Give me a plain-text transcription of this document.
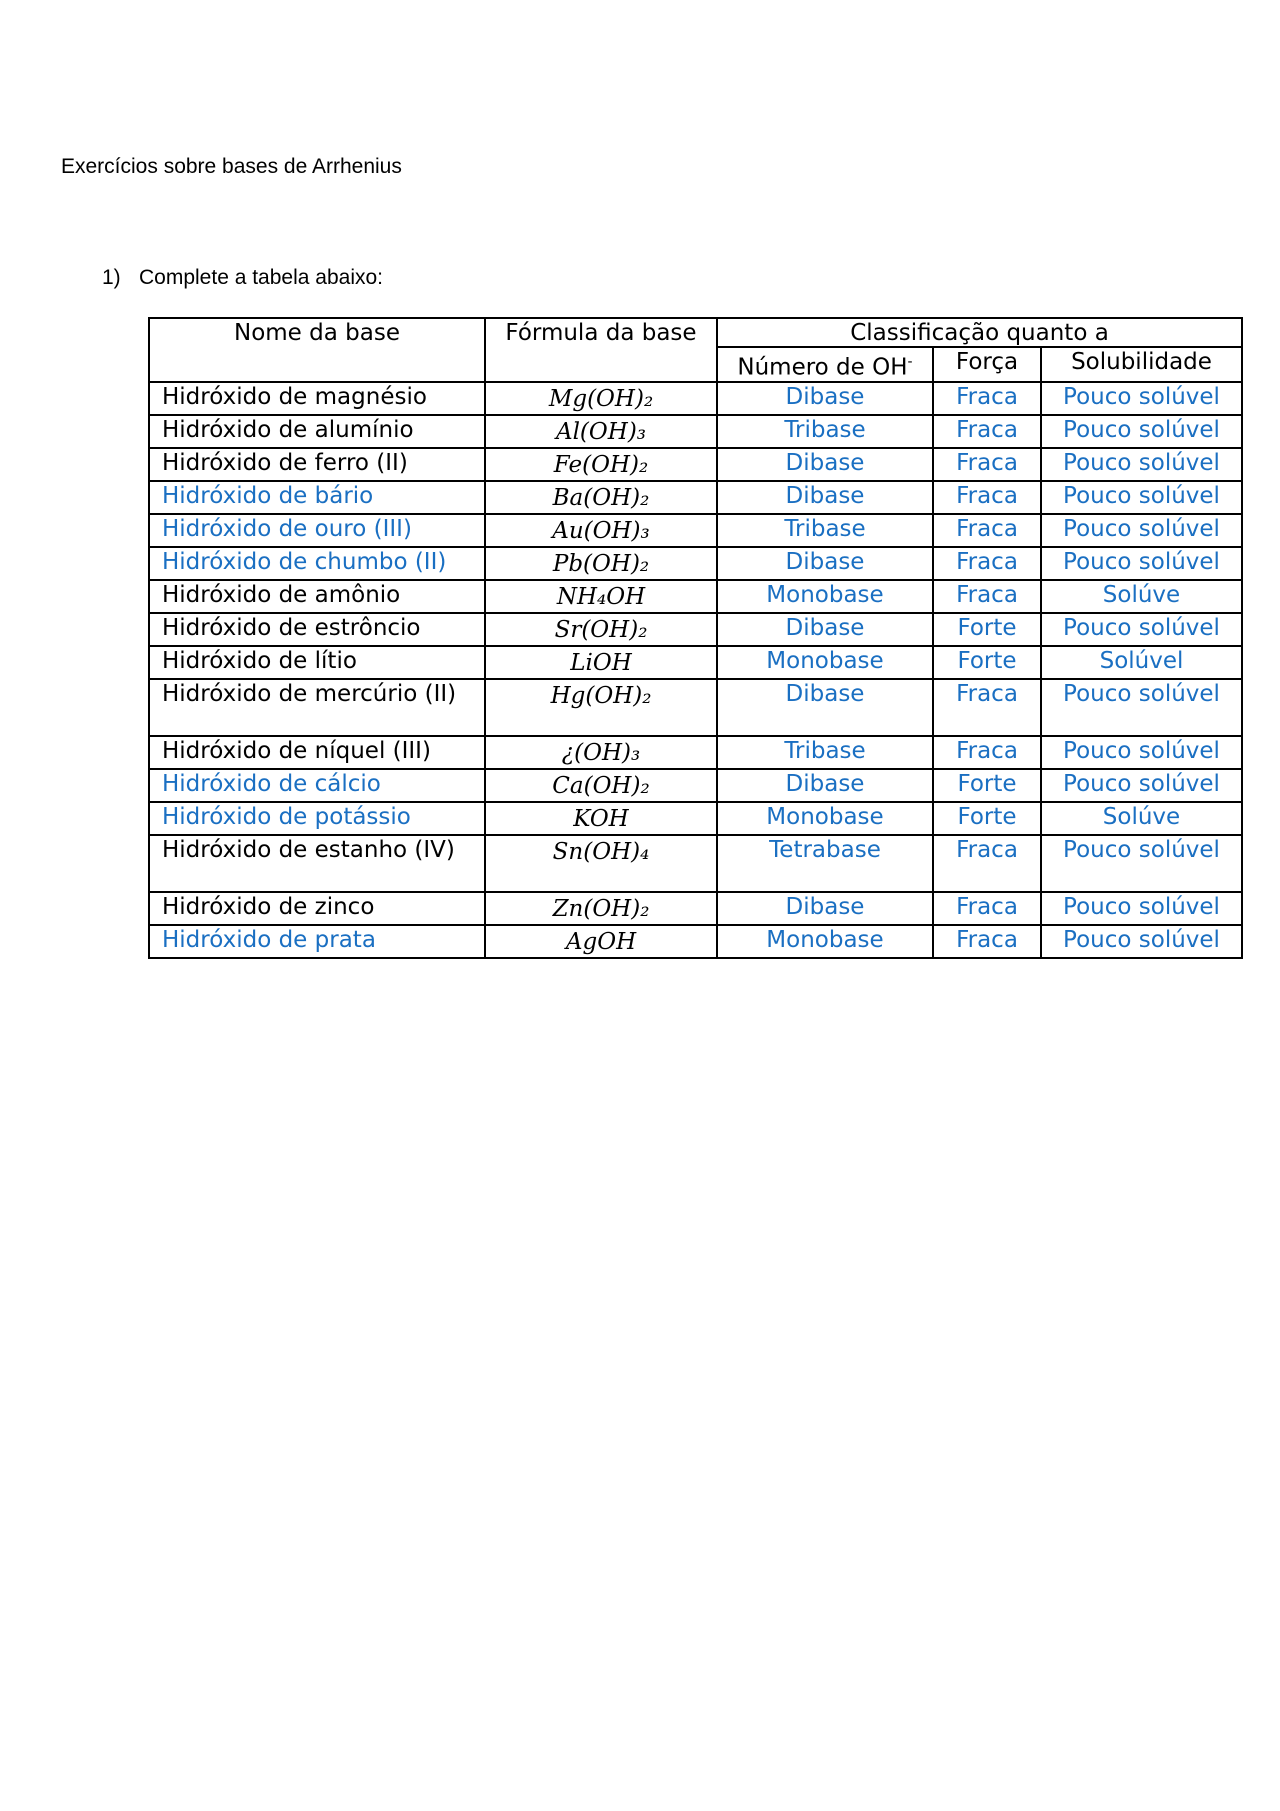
Exercícios sobre bases de Arrhenius
1) Complete a tabela abaixo:
Nome da base	Fórmula da base	Classificação quanto a		
		Número de OH-	Força	Solubilidade
Hidróxido de magnésio	Mg(OH)₂	Dibase	Fraca	Pouco solúvel
Hidróxido de alumínio	Al(OH)₃	Tribase	Fraca	Pouco solúvel
Hidróxido de ferro (II)	Fe(OH)₂	Dibase	Fraca	Pouco solúvel
Hidróxido de bário	Ba(OH)₂	Dibase	Fraca	Pouco solúvel
Hidróxido de ouro (III)	Au(OH)₃	Tribase	Fraca	Pouco solúvel
Hidróxido de chumbo (II)	Pb(OH)₂	Dibase	Fraca	Pouco solúvel
Hidróxido de amônio	NH₄OH	Monobase	Fraca	Solúve
Hidróxido de estrôncio	Sr(OH)₂	Dibase	Forte	Pouco solúvel
Hidróxido de lítio	LiOH	Monobase	Forte	Solúvel
Hidróxido de mercúrio (II)	Hg(OH)₂	Dibase	Fraca	Pouco solúvel
Hidróxido de níquel (III)	¿(OH)₃	Tribase	Fraca	Pouco solúvel
Hidróxido de cálcio	Ca(OH)₂	Dibase	Forte	Pouco solúvel
Hidróxido de potássio	KOH	Monobase	Forte	Solúve
Hidróxido de estanho (IV)	Sn(OH)₄	Tetrabase	Fraca	Pouco solúvel
Hidróxido de zinco	Zn(OH)₂	Dibase	Fraca	Pouco solúvel
Hidróxido de prata	AgOH	Monobase	Fraca	Pouco solúvel
